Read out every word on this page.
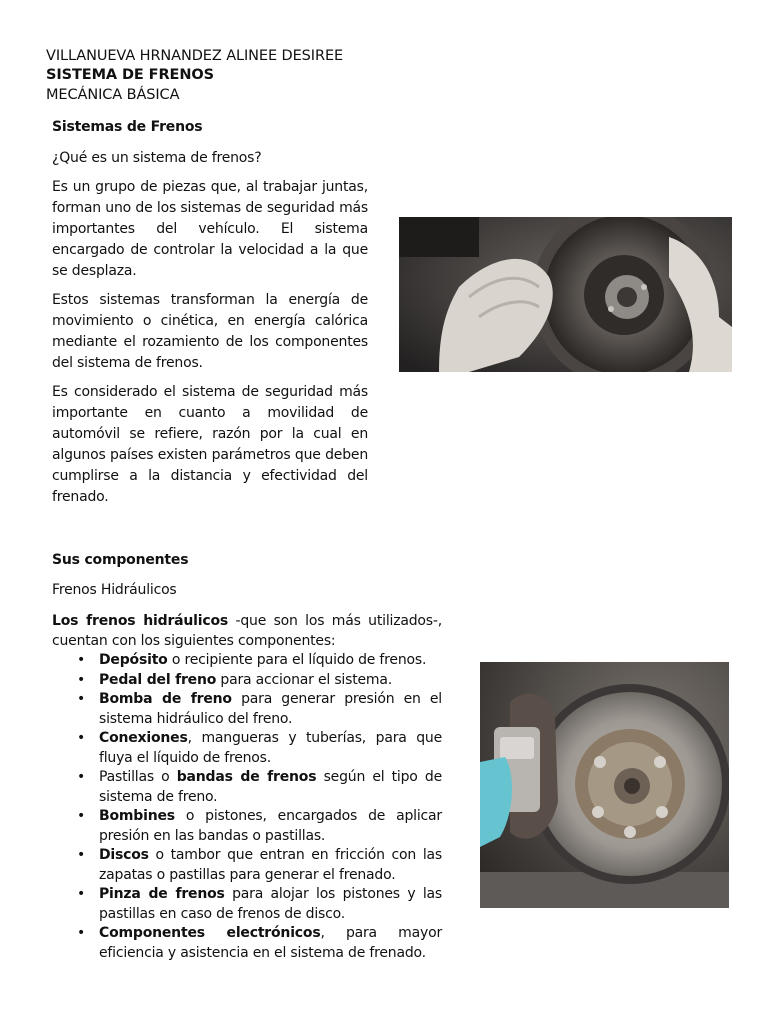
VILLANUEVA HRNANDEZ ALINEE DESIREE
SISTEMA DE FRENOS
MECÁNICA BÁSICA
Sistemas de Frenos
¿Qué es un sistema de frenos?
Es un grupo de piezas que, al trabajar juntas, forman uno de los sistemas de seguridad más importantes del vehículo. El sistema encargado de controlar la velocidad a la que se desplaza.
Estos sistemas transforman la energía de movimiento o cinética, en energía calórica mediante el rozamiento de los componentes del sistema de frenos.
Es considerado el sistema de seguridad más importante en cuanto a movilidad de automóvil se refiere, razón por la cual en algunos países existen parámetros que deben cumplirse a la distancia y efectividad del frenado.
Sus componentes
Frenos Hidráulicos
Los frenos hidráulicos -que son los más utilizados-, cuentan con los siguientes componentes:
• Depósito o recipiente para el líquido de frenos.
• Pedal del freno para accionar el sistema.
• Bomba de freno para generar presión en el sistema hidráulico del freno.
• Conexiones, mangueras y tuberías, para que fluya el líquido de frenos.
• Pastillas o bandas de frenos según el tipo de sistema de freno.
• Bombines o pistones, encargados de aplicar presión en las bandas o pastillas.
• Discos o tambor que entran en fricción con las zapatas o pastillas para generar el frenado.
• Pinza de frenos para alojar los pistones y las pastillas en caso de frenos de disco.
• Componentes electrónicos, para mayor eficiencia y asistencia en el sistema de frenado.
